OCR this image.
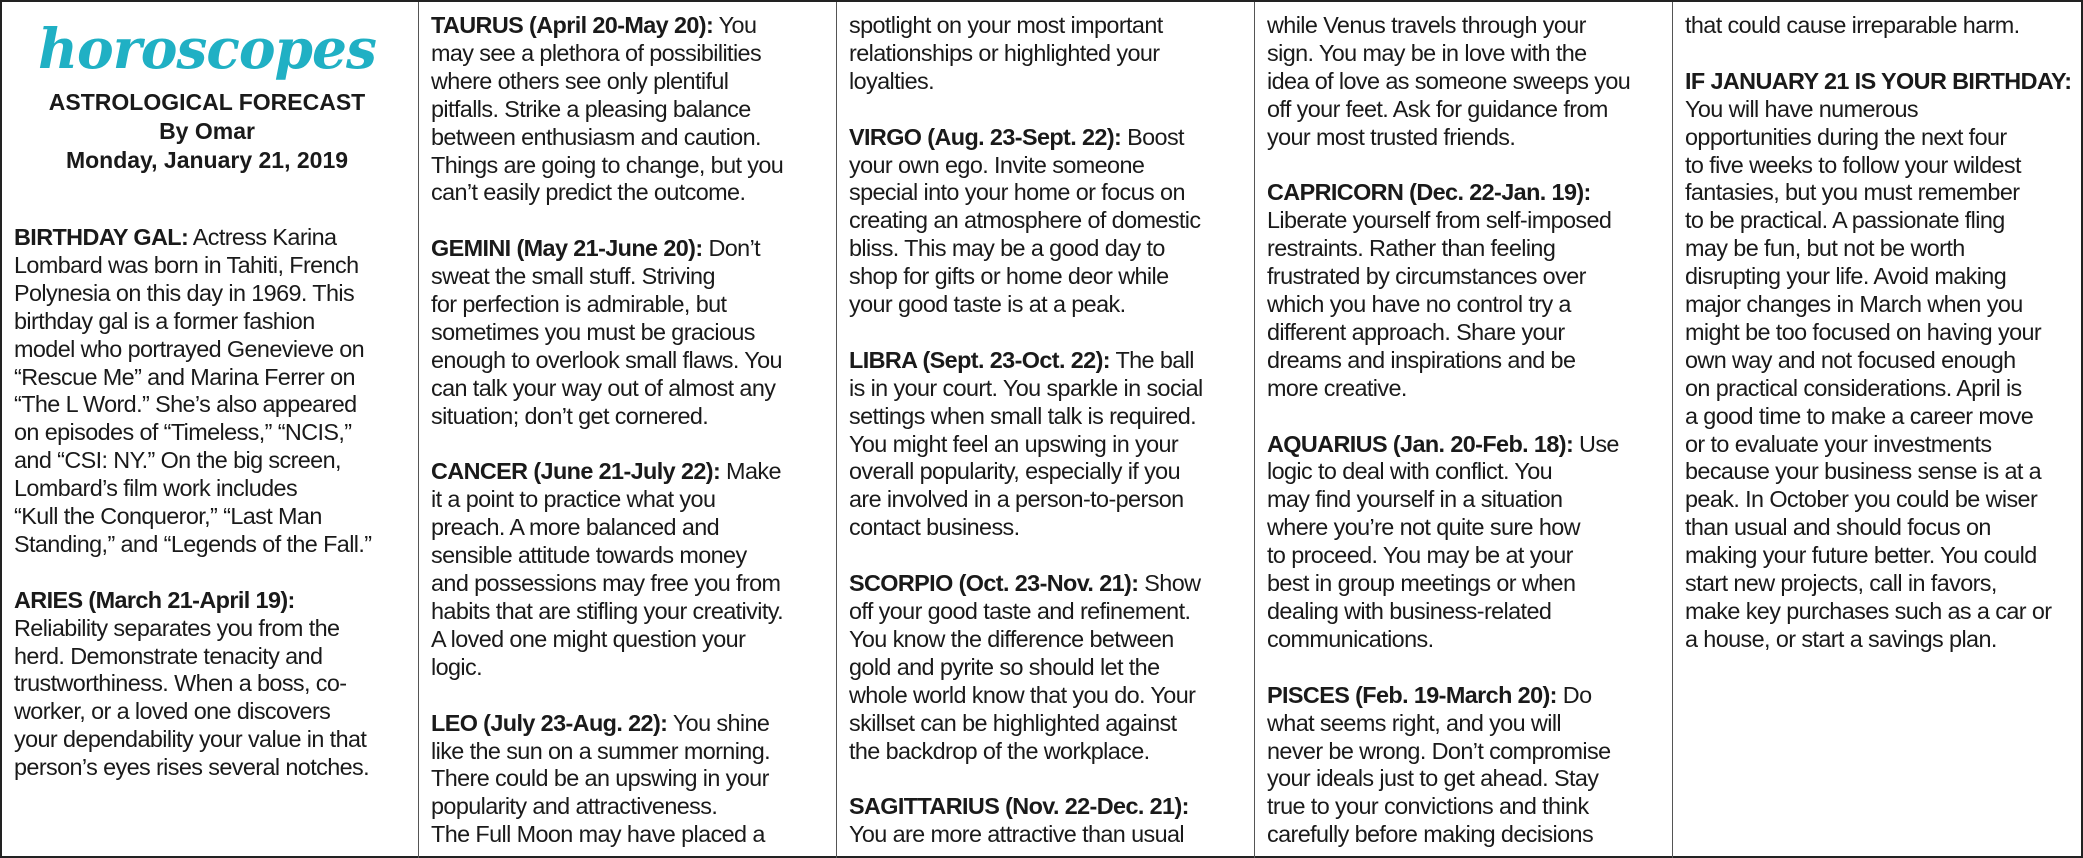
horoscopes
ASTROLOGICAL FORECAST
By Omar
Monday, January 21, 2019
BIRTHDAY GAL: Actress Karina
Lombard was born in Tahiti, French
Polynesia on this day in 1969. This
birthday gal is a former fashion
model who portrayed Genevieve on
“Rescue Me” and Marina Ferrer on
“The L Word.” She’s also appeared
on episodes of “Timeless,” “NCIS,”
and “CSI: NY.” On the big screen,
Lombard’s film work includes
“Kull the Conqueror,” “Last Man
Standing,” and “Legends of the Fall.”
ARIES (March 21-April 19):
Reliability separates you from the
herd. Demonstrate tenacity and
trustworthiness. When a boss, co-
worker, or a loved one discovers
your dependability your value in that
person’s eyes rises several notches.
TAURUS (April 20-May 20): You
may see a plethora of possibilities
where others see only plentiful
pitfalls. Strike a pleasing balance
between enthusiasm and caution.
Things are going to change, but you
can’t easily predict the outcome.
GEMINI (May 21-June 20): Don’t
sweat the small stuff. Striving
for perfection is admirable, but
sometimes you must be gracious
enough to overlook small flaws. You
can talk your way out of almost any
situation; don’t get cornered.
CANCER (June 21-July 22): Make
it a point to practice what you
preach. A more balanced and
sensible attitude towards money
and possessions may free you from
habits that are stifling your creativity.
A loved one might question your
logic.
LEO (July 23-Aug. 22): You shine
like the sun on a summer morning.
There could be an upswing in your
popularity and attractiveness.
The Full Moon may have placed a
spotlight on your most important
relationships or highlighted your
loyalties.
VIRGO (Aug. 23-Sept. 22): Boost
your own ego. Invite someone
special into your home or focus on
creating an atmosphere of domestic
bliss. This may be a good day to
shop for gifts or home deor while
your good taste is at a peak.
LIBRA (Sept. 23-Oct. 22): The ball
is in your court. You sparkle in social
settings when small talk is required.
You might feel an upswing in your
overall popularity, especially if you
are involved in a person-to-person
contact business.
SCORPIO (Oct. 23-Nov. 21): Show
off your good taste and refinement.
You know the difference between
gold and pyrite so should let the
whole world know that you do. Your
skillset can be highlighted against
the backdrop of the workplace.
SAGITTARIUS (Nov. 22-Dec. 21):
You are more attractive than usual
while Venus travels through your
sign. You may be in love with the
idea of love as someone sweeps you
off your feet. Ask for guidance from
your most trusted friends.
CAPRICORN (Dec. 22-Jan. 19):
Liberate yourself from self-imposed
restraints. Rather than feeling
frustrated by circumstances over
which you have no control try a
different approach. Share your
dreams and inspirations and be
more creative.
AQUARIUS (Jan. 20-Feb. 18): Use
logic to deal with conflict. You
may find yourself in a situation
where you’re not quite sure how
to proceed. You may be at your
best in group meetings or when
dealing with business-related
communications.
PISCES (Feb. 19-March 20): Do
what seems right, and you will
never be wrong. Don’t compromise
your ideals just to get ahead. Stay
true to your convictions and think
carefully before making decisions
that could cause irreparable harm.
IF JANUARY 21 IS YOUR BIRTHDAY:
You will have numerous
opportunities during the next four
to five weeks to follow your wildest
fantasies, but you must remember
to be practical. A passionate fling
may be fun, but not be worth
disrupting your life. Avoid making
major changes in March when you
might be too focused on having your
own way and not focused enough
on practical considerations. April is
a good time to make a career move
or to evaluate your investments
because your business sense is at a
peak. In October you could be wiser
than usual and should focus on
making your future better. You could
start new projects, call in favors,
make key purchases such as a car or
a house, or start a savings plan.
